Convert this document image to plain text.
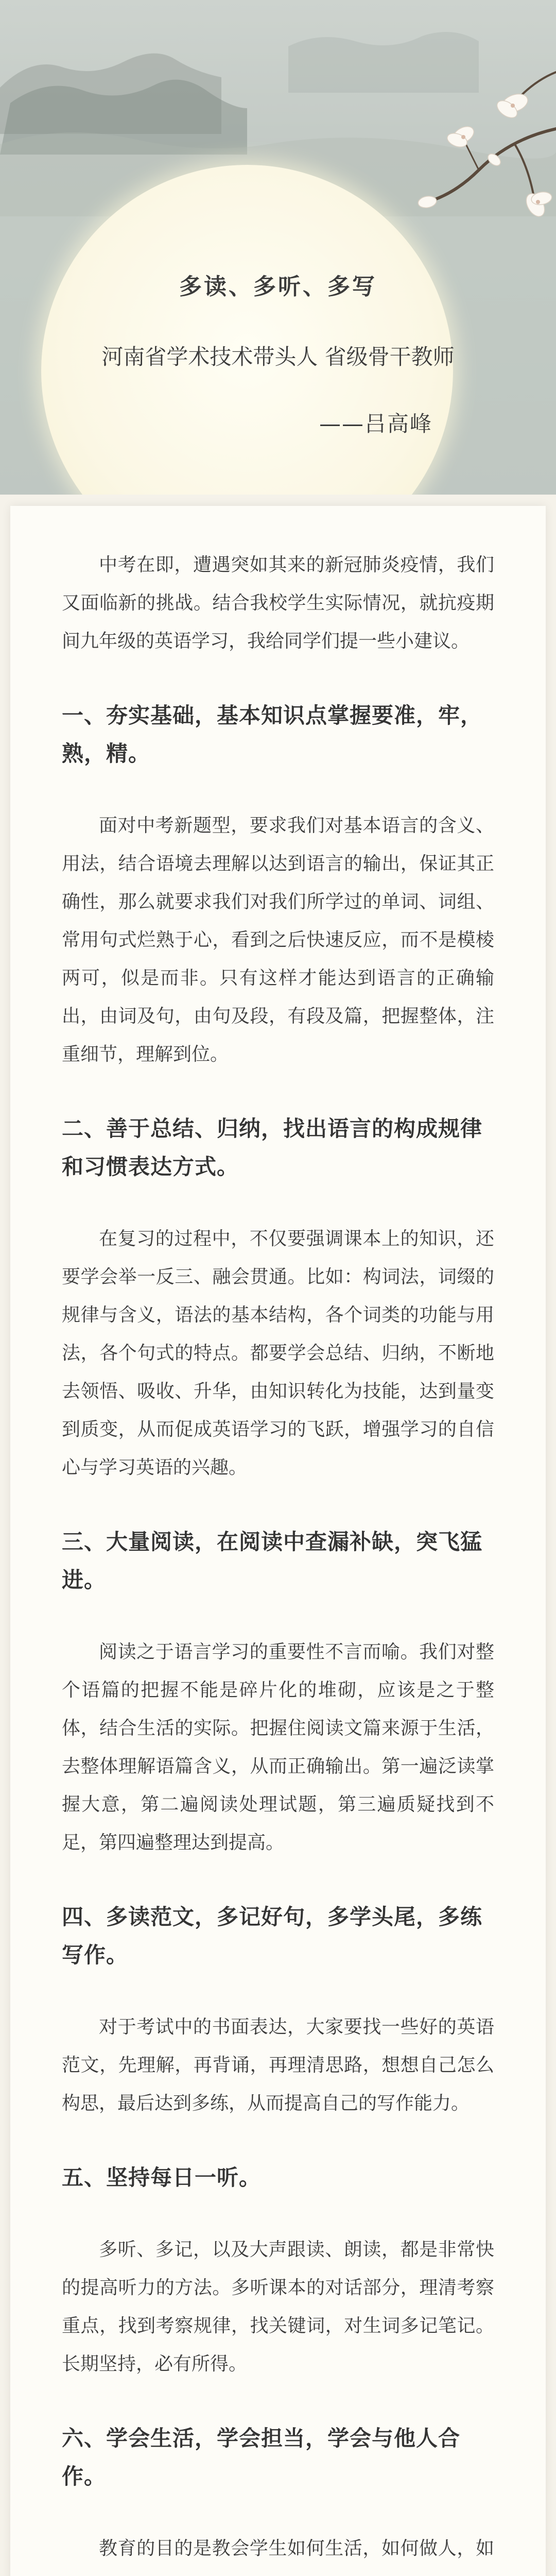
多读、多听、多写
河南省学术技术带头人 省级骨干教师
——吕高峰

中考在即，遭遇突如其来的新冠肺炎疫情，我们又面临新的挑战。结合我校学生实际情况，就抗疫期间九年级的英语学习，我给同学们提一些小建议。

一、夯实基础，基本知识点掌握要准，牢，熟，精。

面对中考新题型，要求我们对基本语言的含义、用法，结合语境去理解以达到语言的输出，保证其正确性，那么就要求我们对我们所学过的单词、词组、常用句式烂熟于心，看到之后快速反应，而不是模棱两可，似是而非。只有这样才能达到语言的正确输出，由词及句，由句及段，有段及篇，把握整体，注重细节，理解到位。

二、善于总结、归纳，找出语言的构成规律和习惯表达方式。

在复习的过程中，不仅要强调课本上的知识，还要学会举一反三、融会贯通。比如：构词法，词缀的规律与含义，语法的基本结构，各个词类的功能与用法，各个句式的特点。都要学会总结、归纳，不断地去领悟、吸收、升华，由知识转化为技能，达到量变到质变，从而促成英语学习的飞跃，增强学习的自信心与学习英语的兴趣。

三、大量阅读，在阅读中查漏补缺，突飞猛进。

阅读之于语言学习的重要性不言而喻。我们对整个语篇的把握不能是碎片化的堆砌，应该是之于整体，结合生活的实际。把握住阅读文篇来源于生活，去整体理解语篇含义，从而正确输出。第一遍泛读掌握大意，第二遍阅读处理试题，第三遍质疑找到不足，第四遍整理达到提高。

四、多读范文，多记好句，多学头尾，多练写作。

对于考试中的书面表达，大家要找一些好的英语范文，先理解，再背诵，再理清思路，想想自己怎么构思，最后达到多练，从而提高自己的写作能力。

五、坚持每日一听。

多听、多记，以及大声跟读、朗读，都是非常快的提高听力的方法。多听课本的对话部分，理清考察重点，找到考察规律，找关键词，对生词多记笔记。长期坚持，必有所得。

六、学会生活，学会担当，学会与他人合作。

教育的目的是教会学生如何生活，如何做人，如
